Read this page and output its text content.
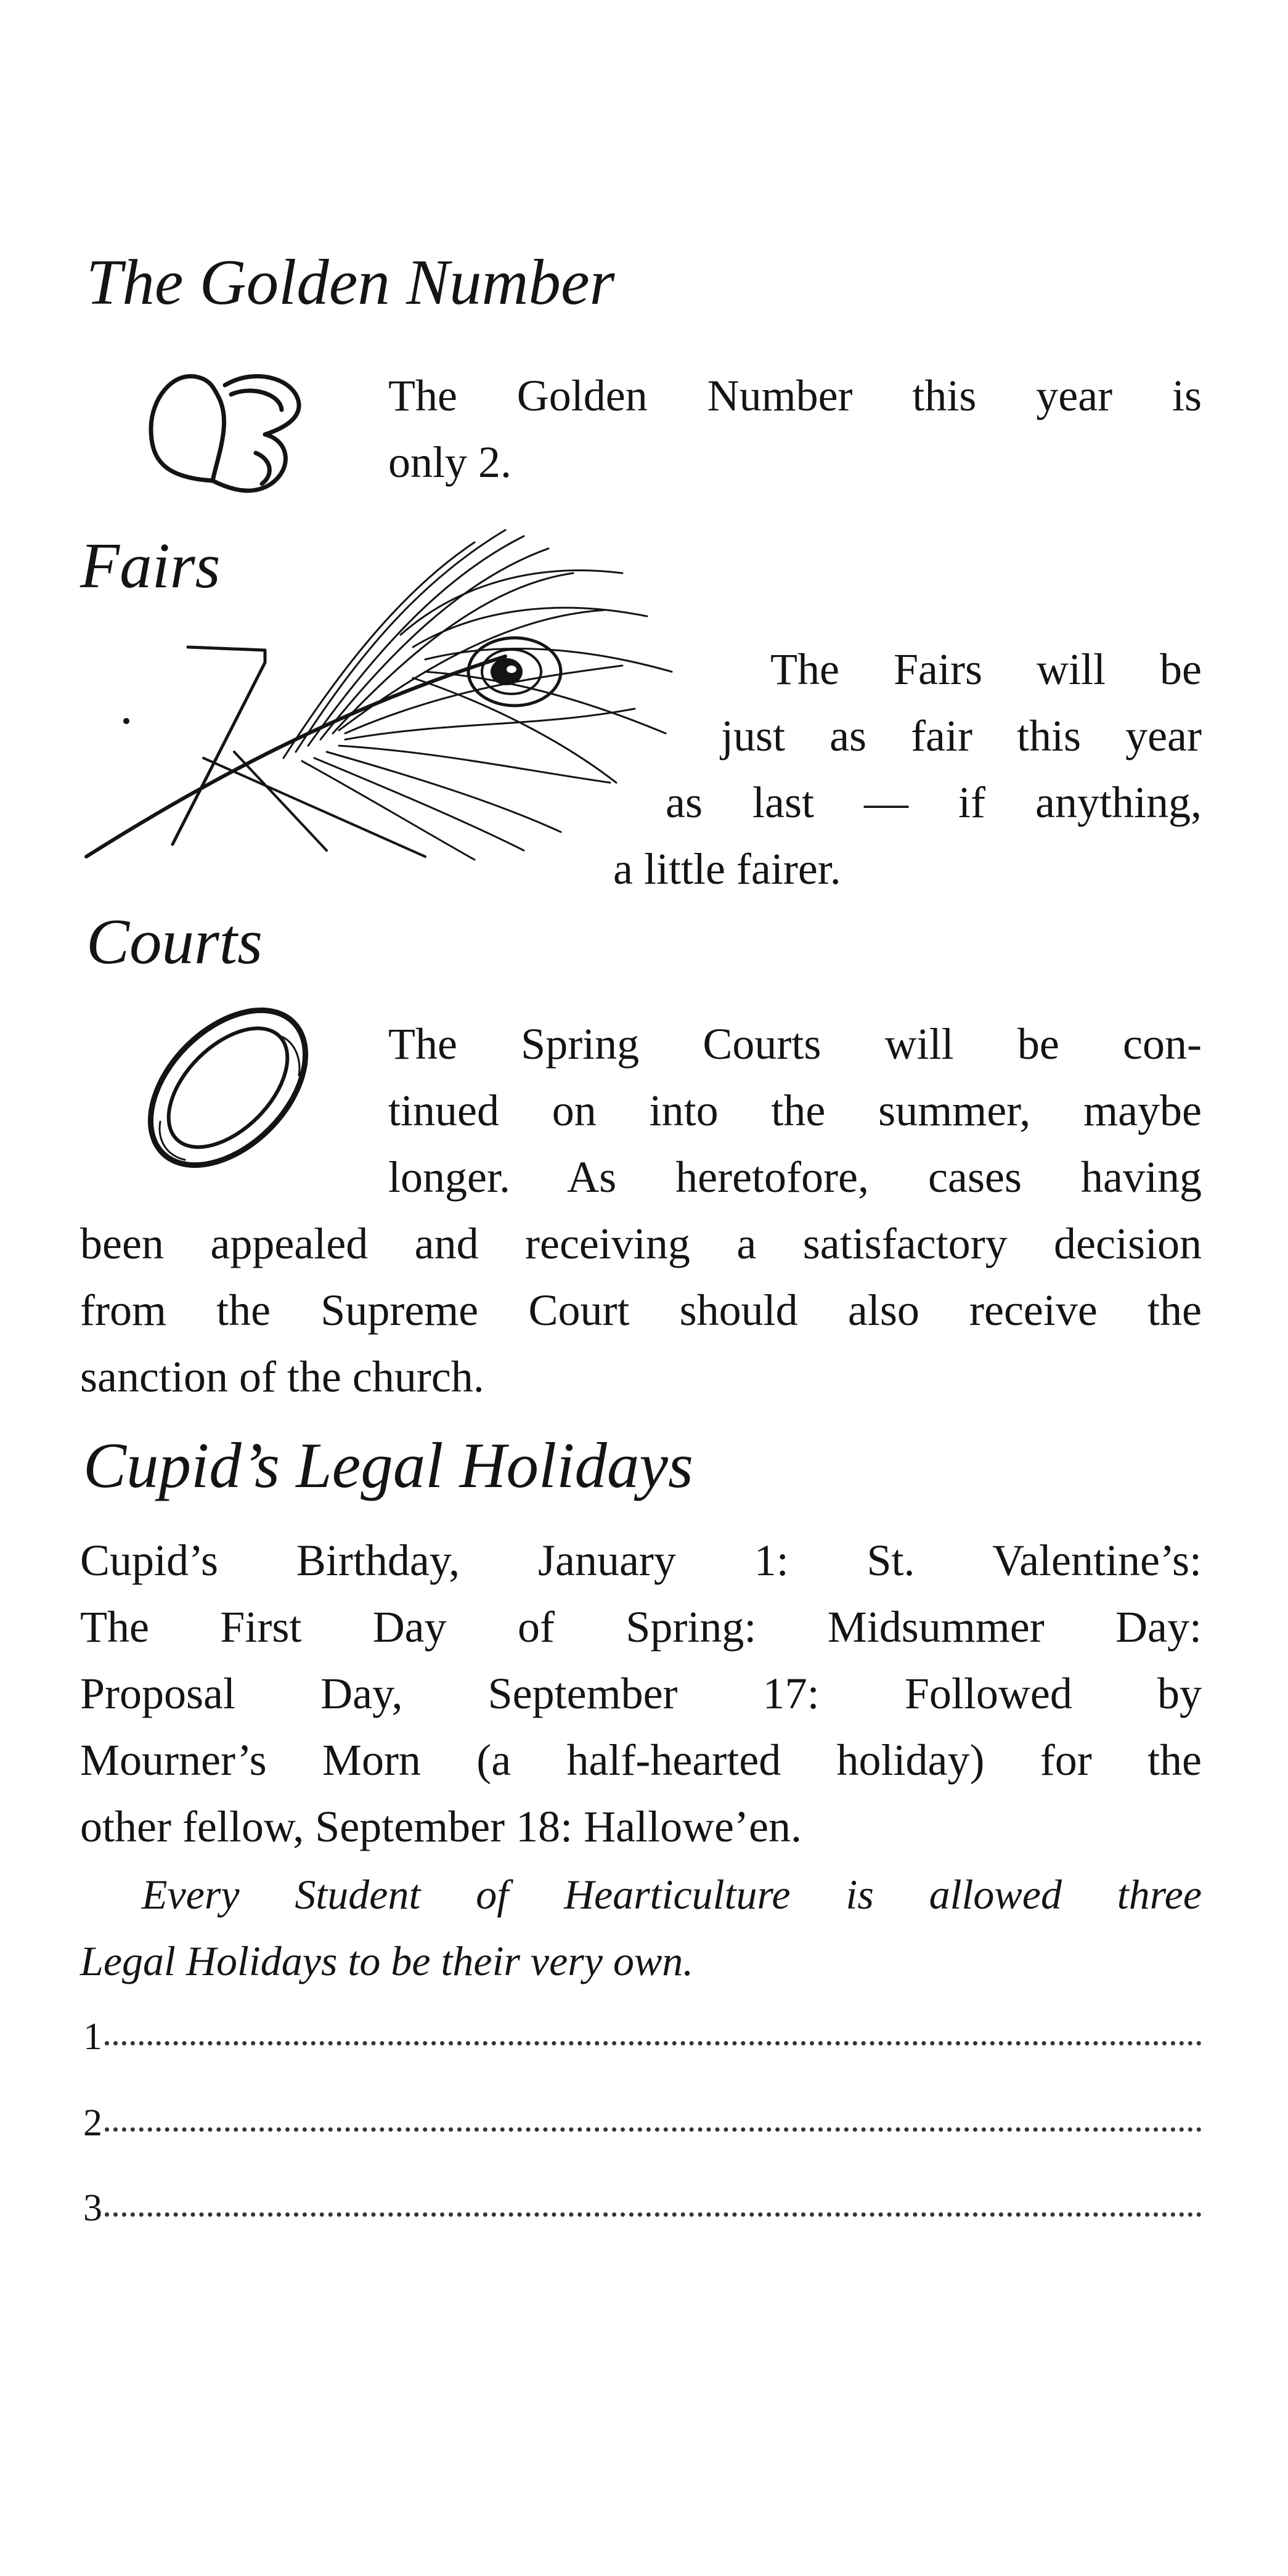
The Golden Number
The Golden Number this year is
only 2.
Fairs
The Fairs will be
just as fair this year
as last — if anything,
a little fairer.
Courts
The Spring Courts will be con-
tinued on into the summer, maybe
longer. As heretofore, cases having
been appealed and receiving a satisfactory decision
from the Supreme Court should also receive the
sanction of the church.
Cupid’s Legal Holidays
Cupid’s Birthday, January 1: St. Valentine’s:
The First Day of Spring: Midsummer Day:
Proposal Day, September 17: Followed by
Mourner’s Morn (a half-hearted holiday) for the
other fellow, September 18: Hallowe’en.
Every Student of Hearticulture is allowed three
Legal Holidays to be their very own.
1
2
3
